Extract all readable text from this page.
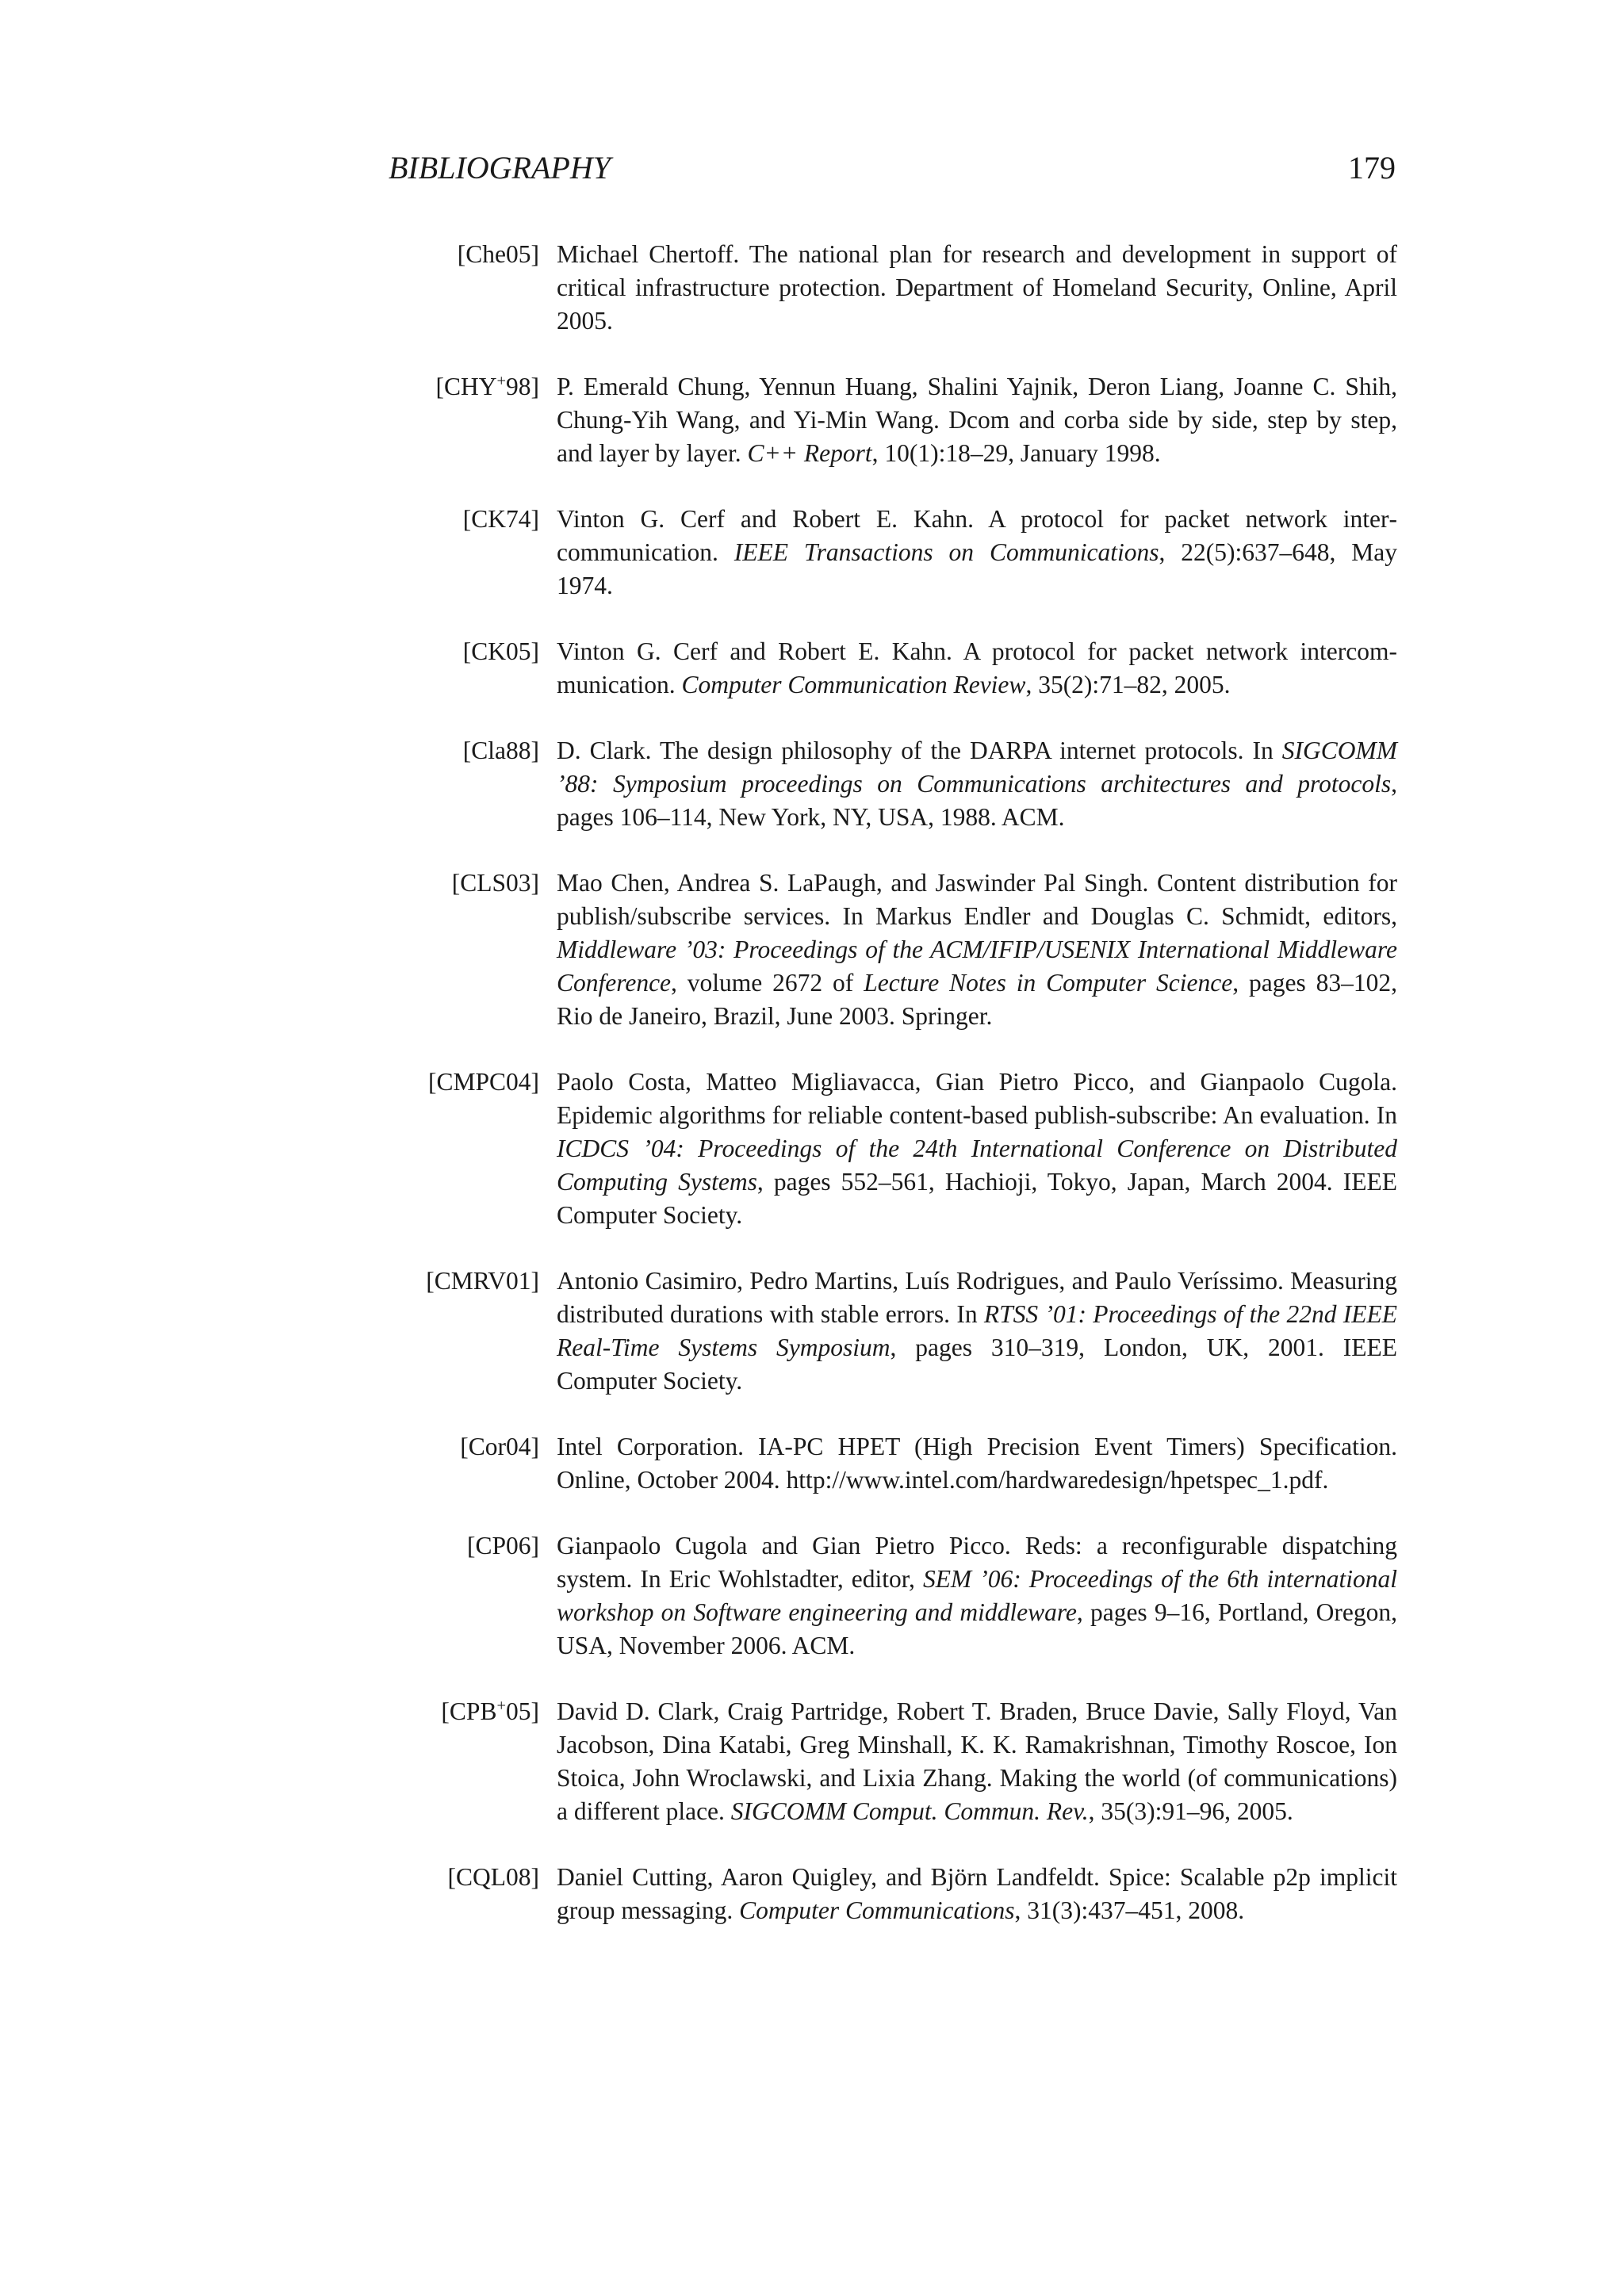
BIBLIOGRAPHY	179
[Che05] Michael Chertoff. The national plan for research and development in support of critical infrastructure protection. Department of Homeland Security, Online, April 2005.
[CHY+98] P. Emerald Chung, Yennun Huang, Shalini Yajnik, Deron Liang, Joanne C. Shih, Chung-Yih Wang, and Yi-Min Wang. Dcom and corba side by side, step by step, and layer by layer. C++ Report, 10(1):18–29, January 1998.
[CK74] Vinton G. Cerf and Robert E. Kahn. A protocol for packet network intercommunication. IEEE Transactions on Communications, 22(5):637–648, May 1974.
[CK05] Vinton G. Cerf and Robert E. Kahn. A protocol for packet network intercommunication. Computer Communication Review, 35(2):71–82, 2005.
[Cla88] D. Clark. The design philosophy of the DARPA internet protocols. In SIGCOMM ’88: Symposium proceedings on Communications architectures and protocols, pages 106–114, New York, NY, USA, 1988. ACM.
[CLS03] Mao Chen, Andrea S. LaPaugh, and Jaswinder Pal Singh. Content distribution for publish/subscribe services. In Markus Endler and Douglas C. Schmidt, editors, Middleware ’03: Proceedings of the ACM/IFIP/USENIX International Middleware Conference, volume 2672 of Lecture Notes in Computer Science, pages 83–102, Rio de Janeiro, Brazil, June 2003. Springer.
[CMPC04] Paolo Costa, Matteo Migliavacca, Gian Pietro Picco, and Gianpaolo Cugola. Epidemic algorithms for reliable content-based publish-subscribe: An evaluation. In ICDCS ’04: Proceedings of the 24th International Conference on Distributed Computing Systems, pages 552–561, Hachioji, Tokyo, Japan, March 2004. IEEE Computer Society.
[CMRV01] Antonio Casimiro, Pedro Martins, Luís Rodrigues, and Paulo Veríssimo. Measuring distributed durations with stable errors. In RTSS ’01: Proceedings of the 22nd IEEE Real-Time Systems Symposium, pages 310–319, London, UK, 2001. IEEE Computer Society.
[Cor04] Intel Corporation. IA-PC HPET (High Precision Event Timers) Specification. Online, October 2004. http://www.intel.com/hardwaredesign/hpetspec_1.pdf.
[CP06] Gianpaolo Cugola and Gian Pietro Picco. Reds: a reconfigurable dispatching system. In Eric Wohlstadter, editor, SEM ’06: Proceedings of the 6th international workshop on Software engineering and middleware, pages 9–16, Portland, Oregon, USA, November 2006. ACM.
[CPB+05] David D. Clark, Craig Partridge, Robert T. Braden, Bruce Davie, Sally Floyd, Van Jacobson, Dina Katabi, Greg Minshall, K. K. Ramakrishnan, Timothy Roscoe, Ion Stoica, John Wroclawski, and Lixia Zhang. Making the world (of communications) a different place. SIGCOMM Comput. Commun. Rev., 35(3):91–96, 2005.
[CQL08] Daniel Cutting, Aaron Quigley, and Björn Landfeldt. Spice: Scalable p2p implicit group messaging. Computer Communications, 31(3):437–451, 2008.
